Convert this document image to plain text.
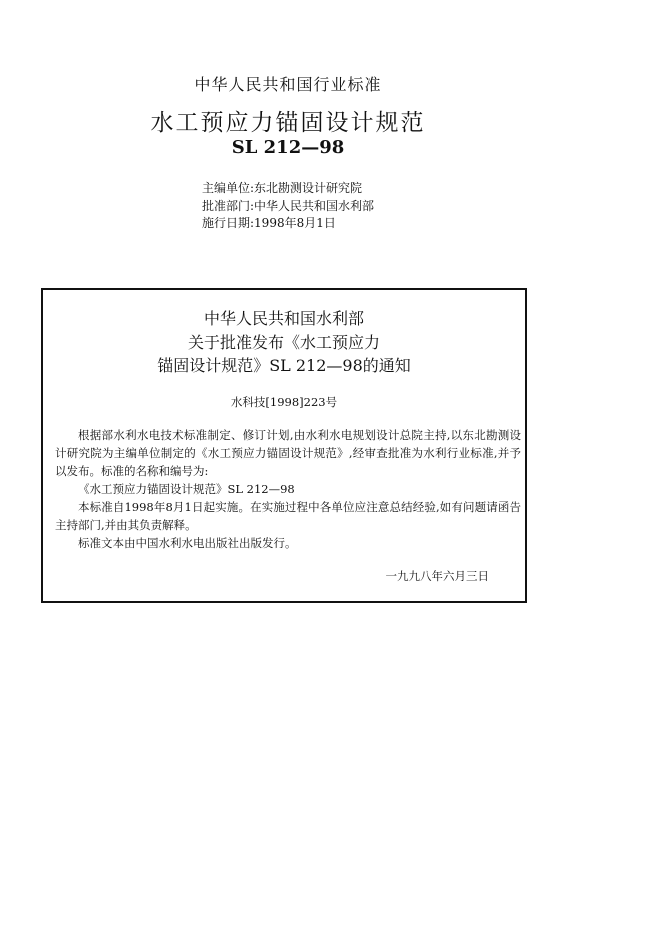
中华人民共和国行业标准
水工预应力锚固设计规范
SL 212—98
主编单位:东北勘测设计研究院
批准部门:中华人民共和国水利部
施行日期:1998年8月1日
中华人民共和国水利部
关于批准发布《水工预应力
锚固设计规范》SL 212—98的通知
水科技[1998]223号

根据部水利水电技术标准制定、修订计划,由水利水电规划设计总院主持,以东北勘测设计研究院为主编单位制定的《水工预应力锚固设计规范》,经审查批准为水利行业标准,并予以发布。标准的名称和编号为:

《水工预应力锚固设计规范》SL 212—98

本标准自1998年8月1日起实施。在实施过程中各单位应注意总结经验,如有问题请函告主持部门,并由其负责解释。

标准文本由中国水利水电出版社出版发行。

一九九八年六月三日
